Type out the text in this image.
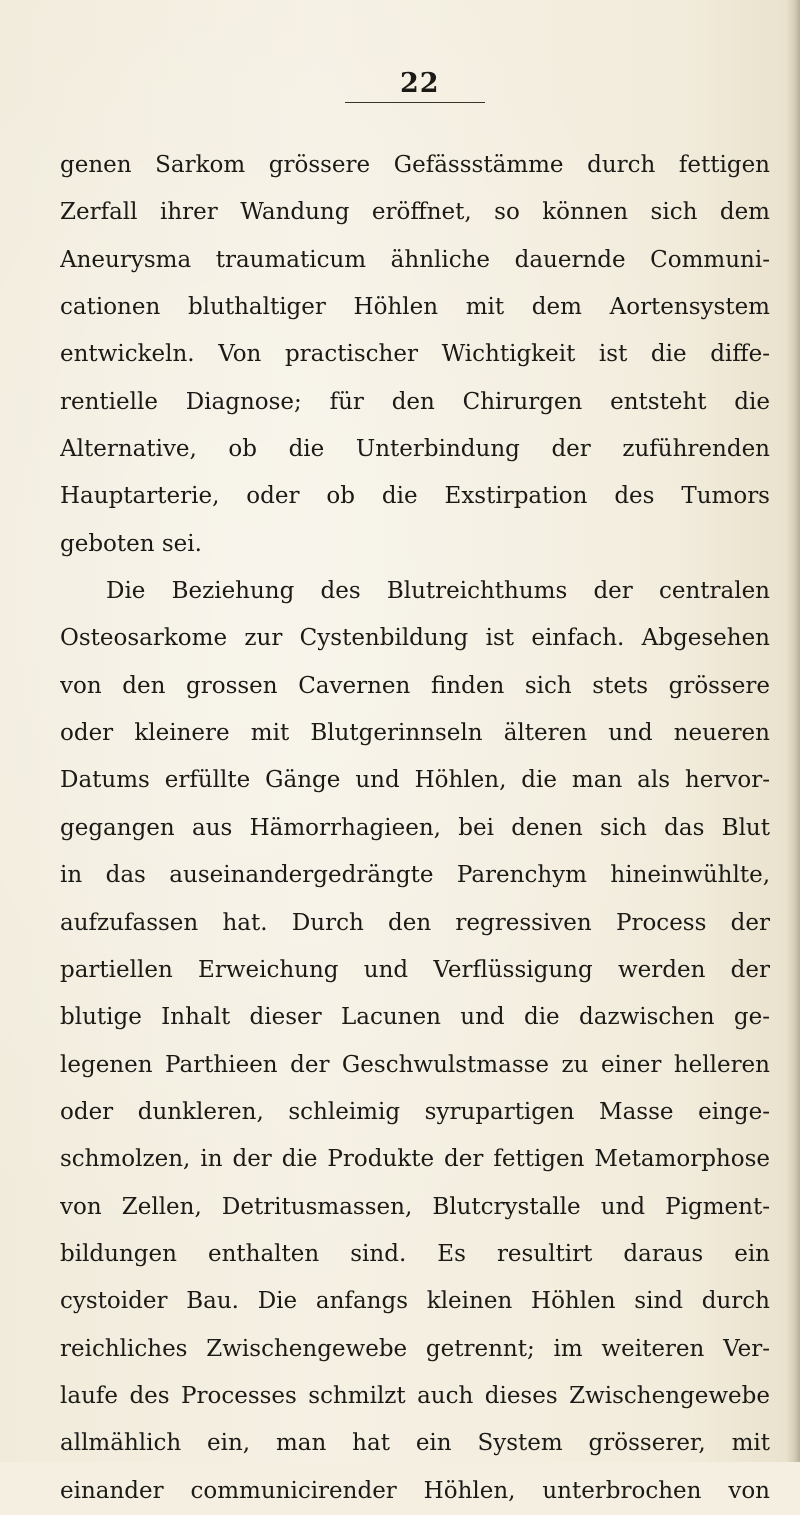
22
genen Sarkom grössere Gefässstämme durch fettigen
Zerfall ihrer Wandung eröffnet, so können sich dem
Aneurysma traumaticum ähnliche dauernde Communi-
cationen bluthaltiger Höhlen mit dem Aortensystem
entwickeln. Von practischer Wichtigkeit ist die diffe-
rentielle Diagnose; für den Chirurgen entsteht die
Alternative, ob die Unterbindung der zuführenden
Hauptarterie, oder ob die Exstirpation des Tumors
geboten sei.
Die Beziehung des Blutreichthums der centralen
Osteosarkome zur Cystenbildung ist einfach. Abgesehen
von den grossen Cavernen finden sich stets grössere
oder kleinere mit Blutgerinnseln älteren und neueren
Datums erfüllte Gänge und Höhlen, die man als hervor-
gegangen aus Hämorrhagieen, bei denen sich das Blut
in das auseinandergedrängte Parenchym hineinwühlte,
aufzufassen hat. Durch den regressiven Process der
partiellen Erweichung und Verflüssigung werden der
blutige Inhalt dieser Lacunen und die dazwischen ge-
legenen Parthieen der Geschwulstmasse zu einer helleren
oder dunkleren, schleimig syrupartigen Masse einge-
schmolzen, in der die Produkte der fettigen Metamorphose
von Zellen, Detritusmassen, Blutcrystalle und Pigment-
bildungen enthalten sind. Es resultirt daraus ein
cystoider Bau. Die anfangs kleinen Höhlen sind durch
reichliches Zwischengewebe getrennt; im weiteren Ver-
laufe des Processes schmilzt auch dieses Zwischengewebe
allmählich ein, man hat ein System grösserer, mit
einander communicirender Höhlen, unterbrochen von
